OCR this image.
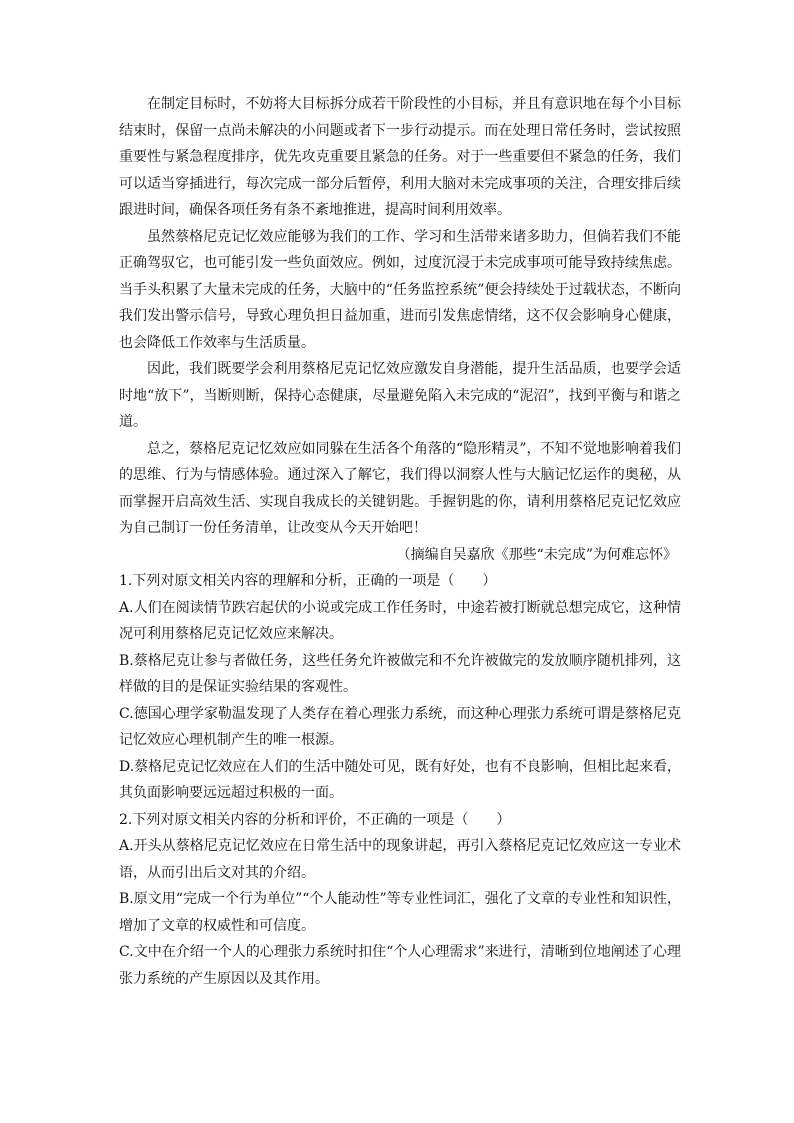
在制定目标时，不妨将大目标拆分成若干阶段性的小目标，并且有意识地在每个小目标结束时，保留一点尚未解决的小问题或者下一步行动提示。而在处理日常任务时，尝试按照重要性与紧急程度排序，优先攻克重要且紧急的任务。对于一些重要但不紧急的任务，我们可以适当穿插进行，每次完成一部分后暂停，利用大脑对未完成事项的关注，合理安排后续跟进时间，确保各项任务有条不紊地推进，提高时间利用效率。

虽然蔡格尼克记忆效应能够为我们的工作、学习和生活带来诸多助力，但倘若我们不能正确驾驭它，也可能引发一些负面效应。例如，过度沉浸于未完成事项可能导致持续焦虑。当手头积累了大量未完成的任务，大脑中的“任务监控系统”便会持续处于过载状态，不断向我们发出警示信号，导致心理负担日益加重，进而引发焦虑情绪，这不仅会影响身心健康，也会降低工作效率与生活质量。

因此，我们既要学会利用蔡格尼克记忆效应激发自身潜能，提升生活品质，也要学会适时地“放下”，当断则断，保持心态健康，尽量避免陷入未完成的“泥沼”，找到平衡与和谐之道。

总之，蔡格尼克记忆效应如同躲在生活各个角落的“隐形精灵”，不知不觉地影响着我们的思维、行为与情感体验。通过深入了解它，我们得以洞察人性与大脑记忆运作的奥秘，从而掌握开启高效生活、实现自我成长的关键钥匙。手握钥匙的你，请利用蔡格尼克记忆效应为自己制订一份任务清单，让改变从今天开始吧！

（摘编自吴嘉欣《那些“未完成”为何难忘怀》

1.下列对原文相关内容的理解和分析，正确的一项是（　　）

A.人们在阅读情节跌宕起伏的小说或完成工作任务时，中途若被打断就总想完成它，这种情况可利用蔡格尼克记忆效应来解决。

B.蔡格尼克让参与者做任务，这些任务允许被做完和不允许被做完的发放顺序随机排列，这样做的目的是保证实验结果的客观性。

C.德国心理学家勒温发现了人类存在着心理张力系统，而这种心理张力系统可谓是蔡格尼克记忆效应心理机制产生的唯一根源。

D.蔡格尼克记忆效应在人们的生活中随处可见，既有好处，也有不良影响，但相比起来看，其负面影响要远远超过积极的一面。

2.下列对原文相关内容的分析和评价，不正确的一项是（　　）

A.开头从蔡格尼克记忆效应在日常生活中的现象讲起，再引入蔡格尼克记忆效应这一专业术语，从而引出后文对其的介绍。

B.原文用“完成一个行为单位”“个人能动性”等专业性词汇，强化了文章的专业性和知识性，增加了文章的权威性和可信度。

C.文中在介绍一个人的心理张力系统时扣住“个人心理需求”来进行，清晰到位地阐述了心理张力系统的产生原因以及其作用。
